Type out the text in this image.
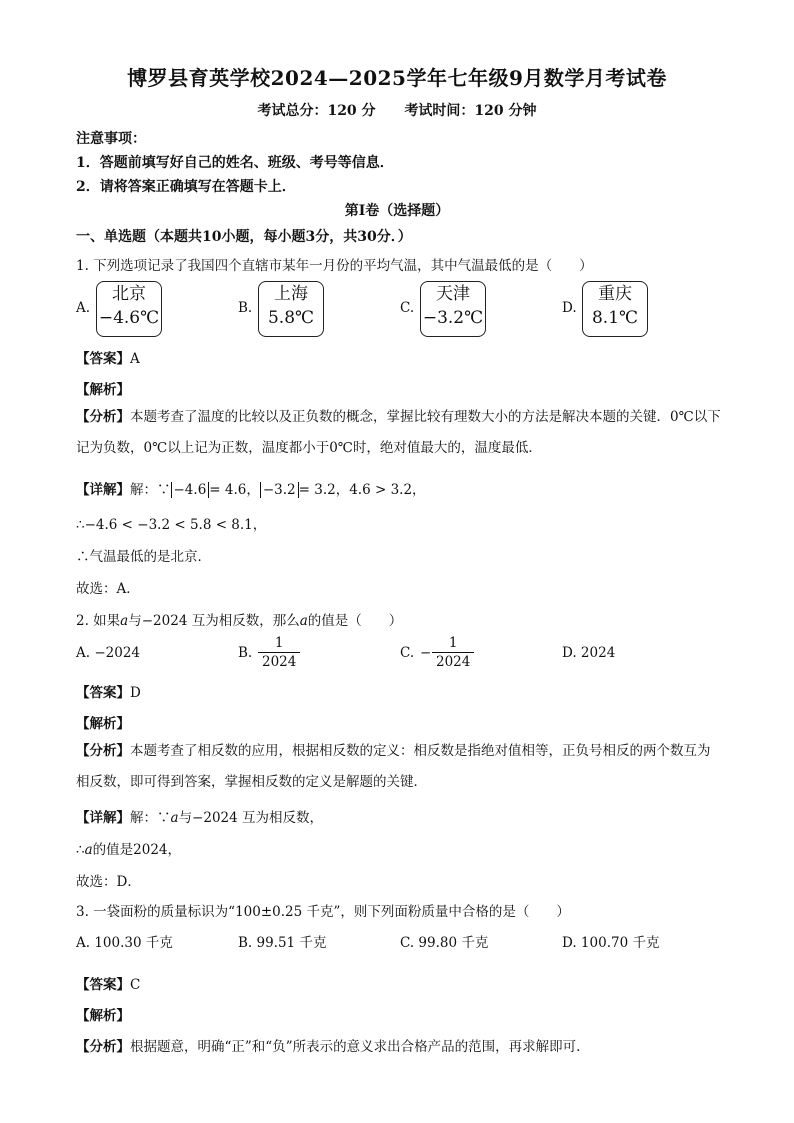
博罗县育英学校2024—2025学年七年级9月数学月考试卷
考试总分：120 分 考试时间：120 分钟
注意事项：
1．答题前填写好自己的姓名、班级、考号等信息．
2．请将答案正确填写在答题卡上．
第Ⅰ卷（选择题）
一、单选题（本题共10小题，每小题3分，共30分．）
1. 下列选项记录了我国四个直辖市某年一月份的平均气温，其中气温最低的是（　　）
A.
北京
−4.6℃	B.
上海
5.8℃	C.
天津
−3.2℃	D.
重庆
8.1℃
【答案】A
【解析】
【分析】本题考查了温度的比较以及正负数的概念，掌握比较有理数大小的方法是解决本题的关键．0℃以下记为负数，0℃以上记为正数，温度都小于0℃时，绝对值最大的，温度最低．
【详解】解：∵ −4.6 = 4.6， −3.2 = 3.2，4.6 > 3.2，
∴−4.6 < −3.2 < 5.8 < 8.1，
∴气温最低的是北京．
故选：A．
2. 如果a与−2024 互为相反数，那么a的值是（　　）
A. −2024	B. $\frac{1}{2024}$	C. − $\frac{1}{2024}$	D. 2024
【答案】D
【解析】
【分析】本题考查了相反数的应用，根据相反数的定义：相反数是指绝对值相等，正负号相反的两个数互为相反数，即可得到答案，掌握相反数的定义是解题的关键．
【详解】解：∵a与−2024 互为相反数，
∴a的值是2024，
故选：D．
3. 一袋面粉的质量标识为“100±0.25 千克”，则下列面粉质量中合格的是（　　）
A. 100.30 千克	B. 99.51 千克	C. 99.80 千克	D. 100.70 千克
【答案】C
【解析】
【分析】根据题意，明确“正”和“负”所表示的意义求出合格产品的范围，再求解即可.
